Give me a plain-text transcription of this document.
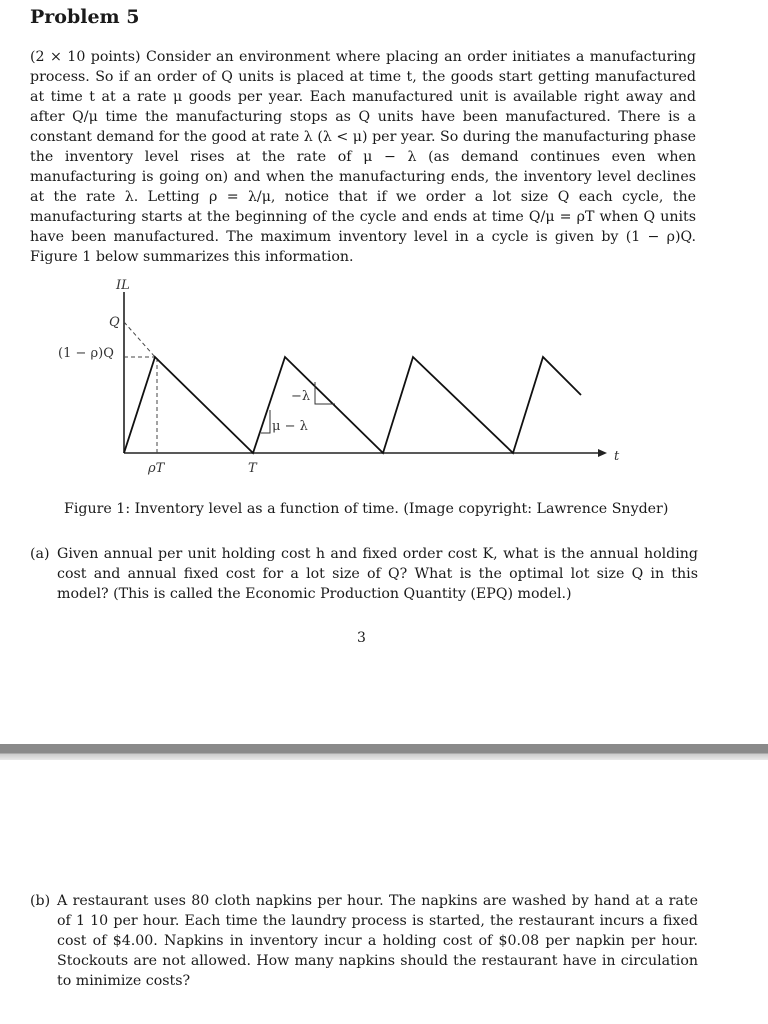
Problem 5

(2 × 10 points) Consider an environment where placing an order initiates a manufacturing process. So if an order of Q units is placed at time t, the goods start getting manufactured at time t at a rate μ goods per year. Each manufactured unit is available right away and after Q/μ time the manufacturing stops as Q units have been manufactured. There is a constant demand for the good at rate λ (λ < μ) per year. So during the manufacturing phase the inventory level rises at the rate of μ − λ (as demand continues even when manufacturing is going on) and when the manufacturing ends, the inventory level declines at the rate λ. Letting ρ = λ/μ, notice that if we order a lot size Q each cycle, the manufacturing starts at the beginning of the cycle and ends at time Q/μ = ρT when Q units have been manufactured. The maximum inventory level in a cycle is given by (1 − ρ)Q. Figure 1 below summarizes this information.

IL
Q
(1 − ρ)Q
ρT	T
t
−λ
μ − λ

Figure 1: Inventory level as a function of time. (Image copyright: Lawrence Snyder)

(a) Given annual per unit holding cost h and fixed order cost K, what is the annual holding cost and annual fixed cost for a lot size of Q? What is the optimal lot size Q in this model? (This is called the Economic Production Quantity (EPQ) model.)

3

(b) A restaurant uses 80 cloth napkins per hour. The napkins are washed by hand at a rate of 1 10 per hour. Each time the laundry process is started, the restaurant incurs a fixed cost of $4.00. Napkins in inventory incur a holding cost of $0.08 per napkin per hour. Stockouts are not allowed. How many napkins should the restaurant have in circulation to minimize costs?
